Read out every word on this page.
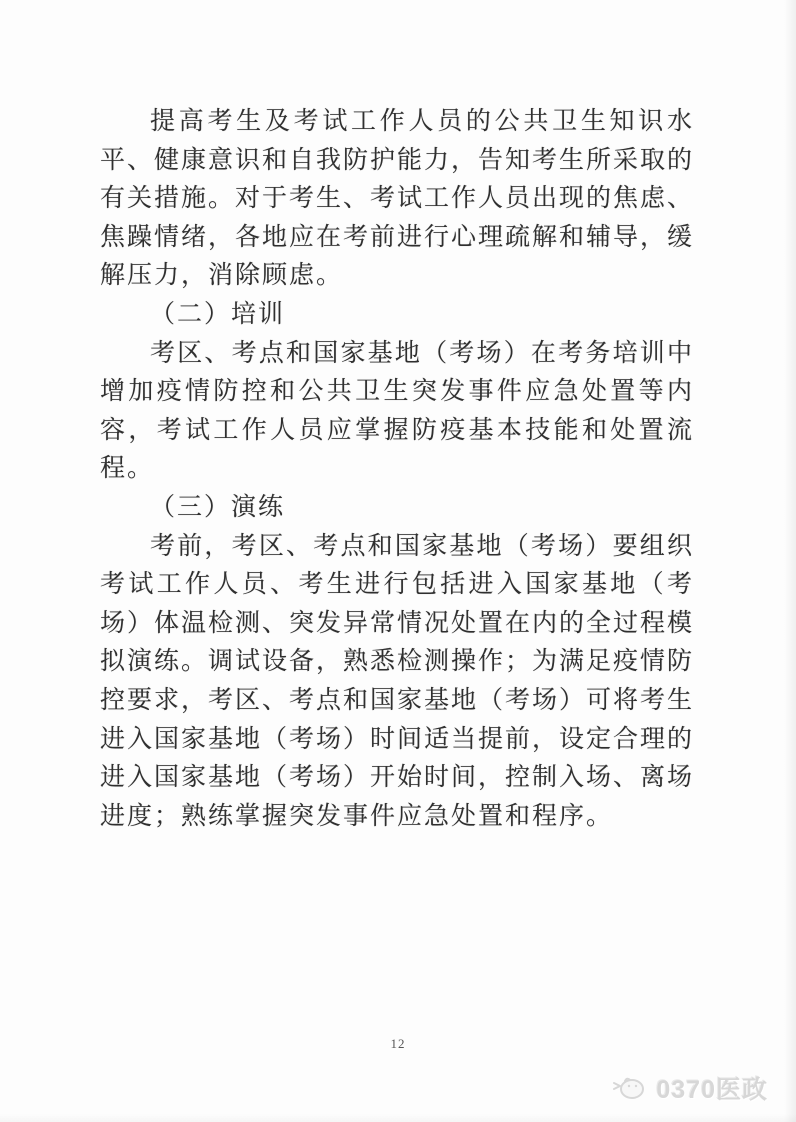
提高考生及考试工作人员的公共卫生知识水平、健康意识和自我防护能力，告知考生所采取的有关措施。对于考生、考试工作人员出现的焦虑、焦躁情绪，各地应在考前进行心理疏解和辅导，缓解压力，消除顾虑。

（二）培训

考区、考点和国家基地（考场）在考务培训中增加疫情防控和公共卫生突发事件应急处置等内容，考试工作人员应掌握防疫基本技能和处置流程。

（三）演练

考前，考区、考点和国家基地（考场）要组织考试工作人员、考生进行包括进入国家基地（考场）体温检测、突发异常情况处置在内的全过程模拟演练。调试设备，熟悉检测操作；为满足疫情防控要求，考区、考点和国家基地（考场）可将考生进入国家基地（考场）时间适当提前，设定合理的进入国家基地（考场）开始时间，控制入场、离场进度；熟练掌握突发事件应急处置和程序。

12
0370医政
